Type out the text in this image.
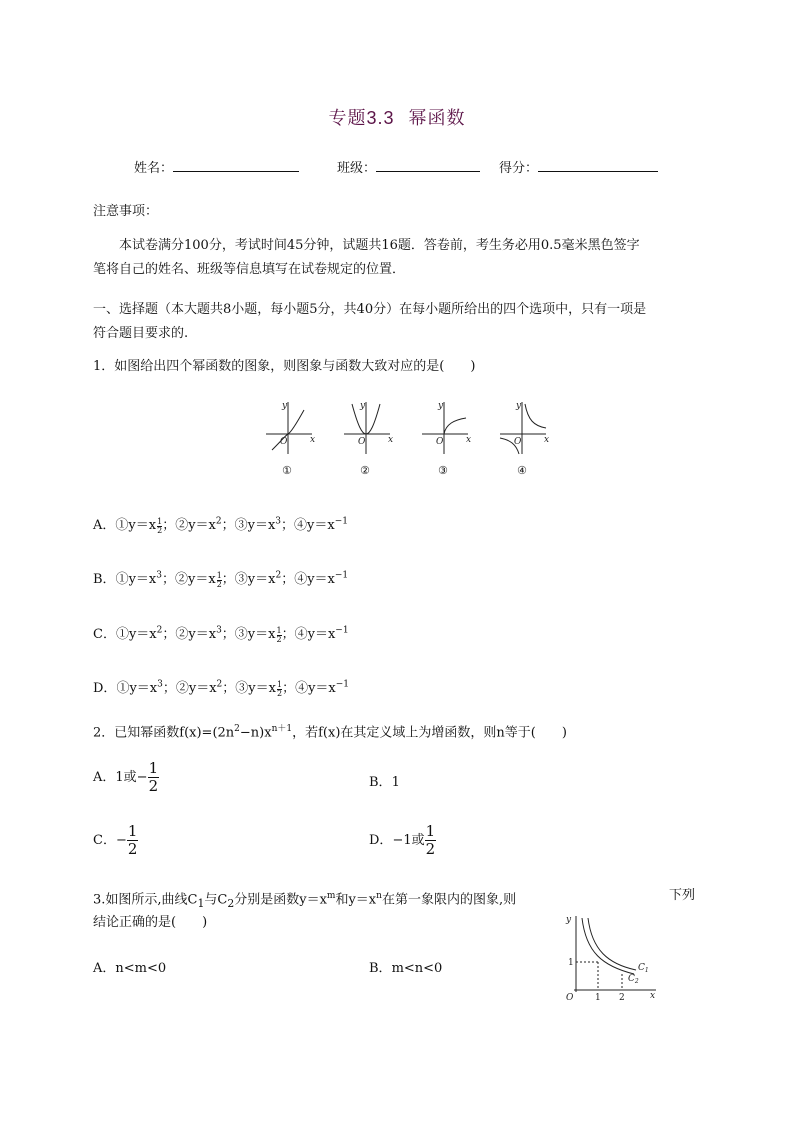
专题3.3 幂函数
姓名：	班级：	得分：
注意事项：
本试卷满分100分，考试时间45分钟，试题共16题．答卷前，考生务必用0.5毫米黑色签字
笔将自己的姓名、班级等信息填写在试卷规定的位置．
一、选择题（本大题共8小题，每小题5分，共40分）在每小题所给出的四个选项中，只有一项是
符合题目要求的.
1．如图给出四个幂函数的图象，则图象与函数大致对应的是(　　)
y
x
O
y
x
O
y
x
O
y
x
O
①	②	③	④
A．①y＝x $\frac{1}{2}$ ；$②y=x^2$；$③y=x^3$；$④y=x^{-1}$
B．$①y=x^3$；②y＝x $\frac{1}{2}$ ；$③y=x^2$；$④y=x^{-1}$
C．$①y=x^2$；$②y=x^3$；③y＝x $\frac{1}{2}$ ；$④y=x^{-1}$
D．$①y=x^3$；$②y=x^2$；③y＝x $\frac{1}{2}$ ；$④y=x^{-1}$
2．已知幂函数$f(x)=(2n^2-n)x^{n+1}$，若f(x)在其定义域上为增函数，则n等于(　　)
A．1或− $\frac{1}{2}$	B．1
C．− $\frac{1}{2}$	D．−1或 $\frac{1}{2}$
3.如图所示,曲线$C_1$与$C_2$分别是函数$y=x^m$和$y=x^n$在第一象限内的图象,则	下列
结论正确的是(　　)
A．n<m<0	B．m<n<0
y
x
O
1
1 2
$C_1$
$C_2$
